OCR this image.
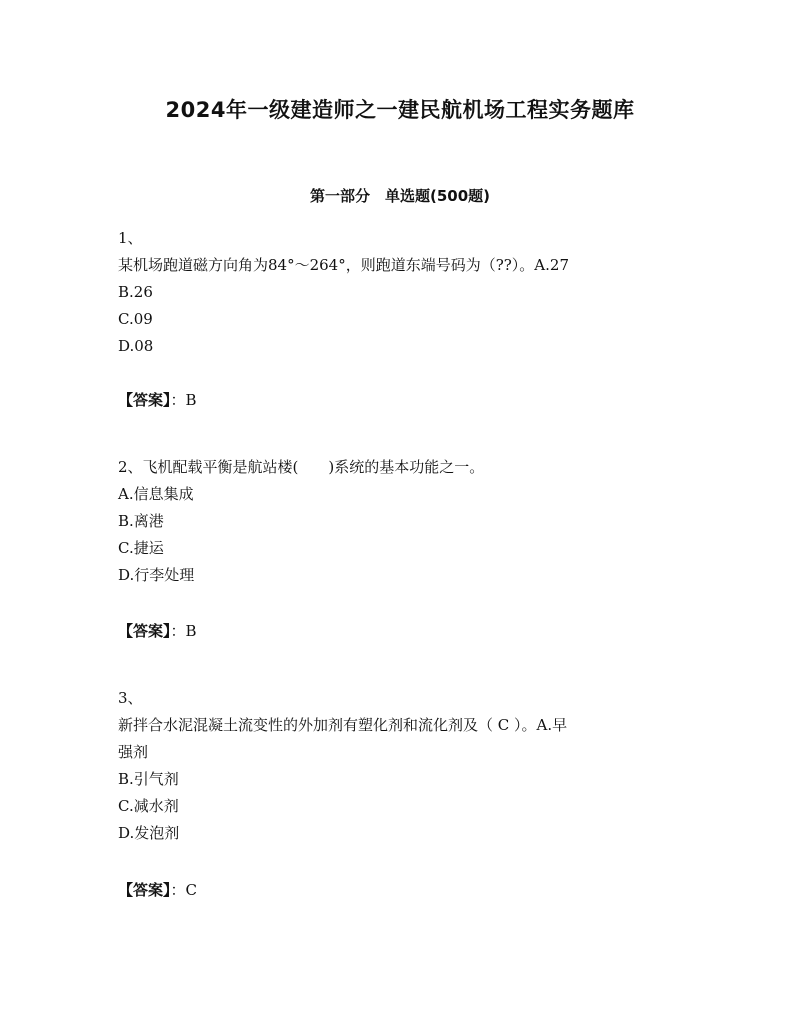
2024年一级建造师之一建民航机场工程实务题库
第一部分　单选题(500题)
1、
某机场跑道磁方向角为84°～264°，则跑道东端号码为（??）。A.27
B.26
C.09
D.08
【答案】：B
2、飞机配载平衡是航站楼(　　)系统的基本功能之一。
A.信息集成
B.离港
C.捷运
D.行李处理
【答案】：B
3、
新拌合水泥混凝土流变性的外加剂有塑化剂和流化剂及（ C ）。A.早
强剂
B.引气剂
C.减水剂
D.发泡剂
【答案】：C
